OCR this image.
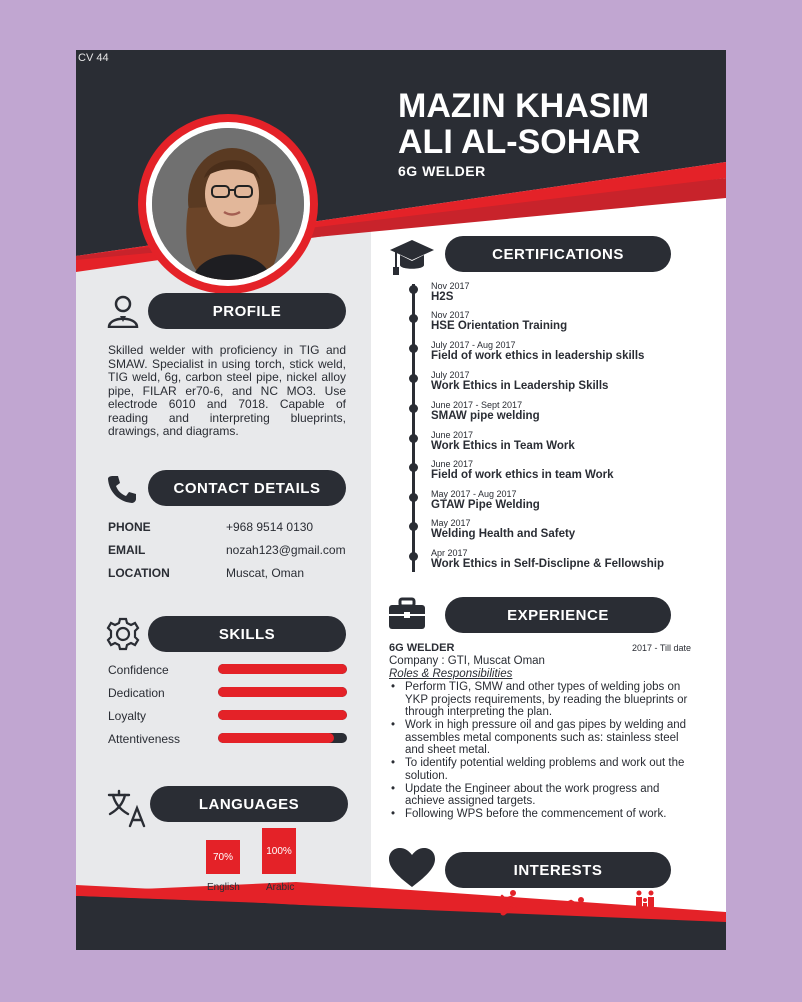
CV 44
MAZIN KHASIM
ALI AL-SOHAR
6G WELDER
PROFILE
Skilled welder with proficiency in TIG and SMAW. Specialist in using torch, stick weld, TIG weld, 6g, carbon steel pipe, nickel alloy pipe, FILAR er70-6, and NC MO3. Use electrode 6010 and 7018. Capable of reading and interpreting blueprints, drawings, and diagrams.
CONTACT DETAILS
PHONE	+968 9514 0130
EMAIL	nozah123@gmail.com
LOCATION	Muscat, Oman
SKILLS
Confidence
Dedication
Loyalty
Attentiveness
LANGUAGES
70%
100%
English	Arabic
CERTIFICATIONS
Nov 2017
H2S
Nov 2017
HSE Orientation Training
July 2017 - Aug 2017
Field of work ethics in leadership skills
July 2017
Work Ethics in Leadership Skills
June 2017 - Sept 2017
SMAW pipe welding
June 2017
Work Ethics in Team Work
June 2017
Field of work ethics in team Work
May 2017 - Aug 2017
GTAW Pipe Welding
May 2017
Welding Health and Safety
Apr 2017
Work Ethics in Self-Disclipne & Fellowship
EXPERIENCE
6G WELDER	2017 - Till date
Company : GTI, Muscat Oman
Roles & Responsibilities
• Perform TIG, SMW and other types of welding jobs on YKP projects requirements, by reading the blueprints or through interpreting the plan.
• Work in high pressure oil and gas pipes by welding and assembles metal components such as: stainless steel and sheet metal.
• To identify potential welding problems and work out the solution.
• Update the Engineer about the work progress and achieve assigned targets.
• Following WPS before the commencement of work.
INTERESTS
